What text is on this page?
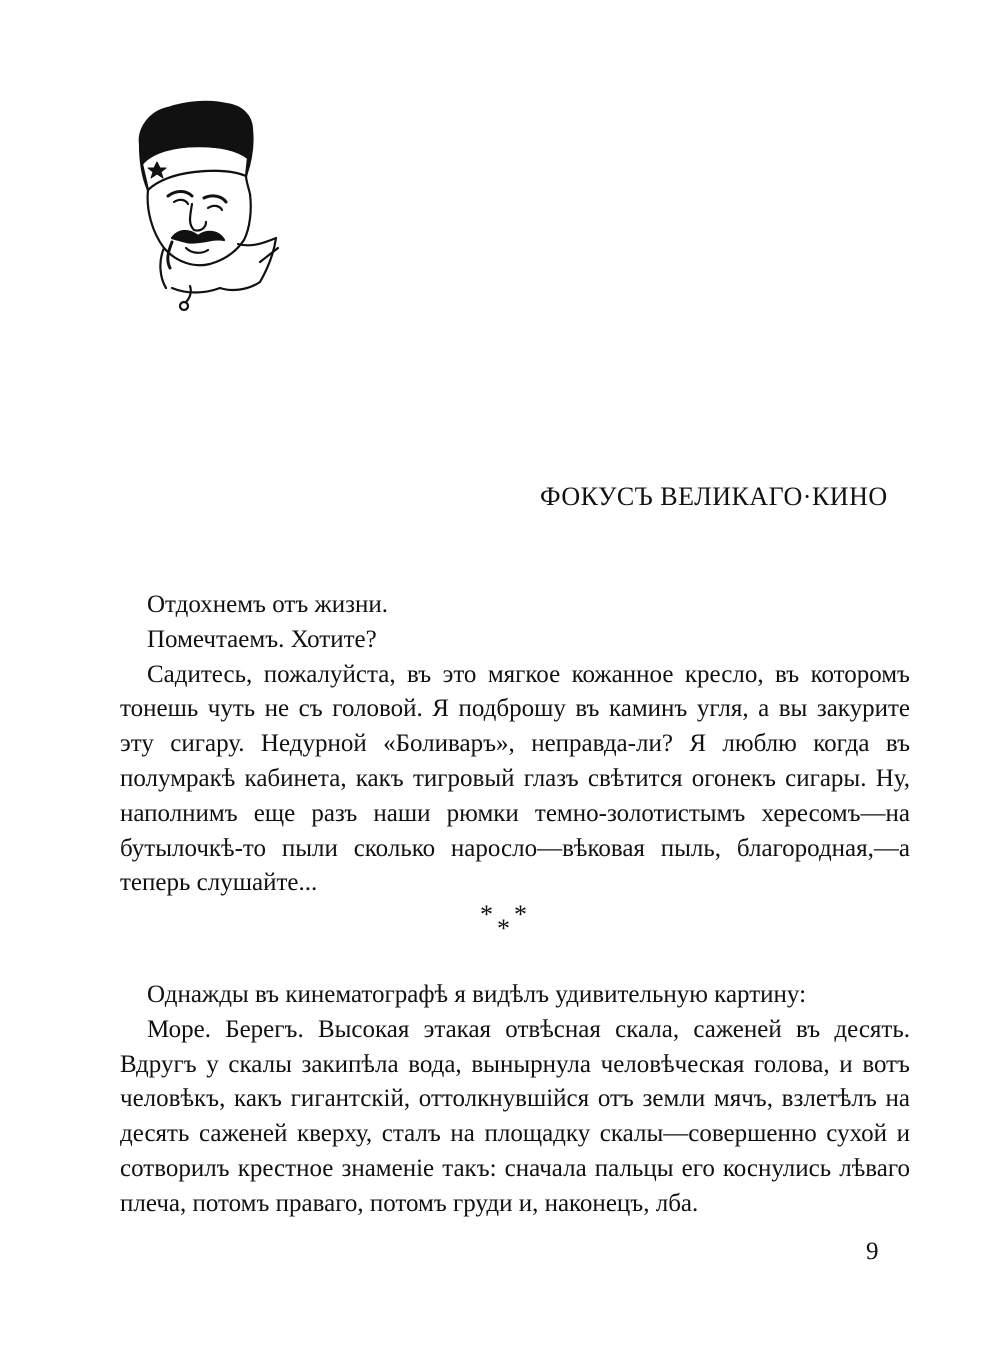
ФОКУСЪ ВЕЛИКАГО·КИНО

Отдохнемъ отъ жизни.

Помечтаемъ. Хотите?

Садитесь, пожалуйста, въ это мягкое кожанное кресло, въ которомъ тонешь чуть не съ головой. Я подброшу въ каминъ угля, а вы закурите эту сигару. Недурной «Боливаръ», неправда-ли? Я люблю когда въ полумракѣ кабинета, какъ тигровый глазъ свѣтится огонекъ сигары. Ну, наполнимъ еще разъ наши рюмки темно-золотистымъ хересомъ—на бутылочкѣ-то пыли сколько наросло—вѣковая пыль, благородная,—а теперь слушайте...

* *
*

Однажды въ кинематографѣ я видѣлъ удивительную картину:

Море. Берегъ. Высокая этакая отвѣсная скала, саженей въ десять. Вдругъ у скалы закипѣла вода, вынырнула человѣческая голова, и вотъ человѣкъ, какъ гигантскій, оттолкнувшійся отъ земли мячъ, взлетѣлъ на десять саженей кверху, сталъ на площадку скалы—совершенно сухой и сотворилъ крестное знаменіе такъ: сначала пальцы его коснулись лѣваго плеча, потомъ праваго, потомъ груди и, наконецъ, лба.

9
